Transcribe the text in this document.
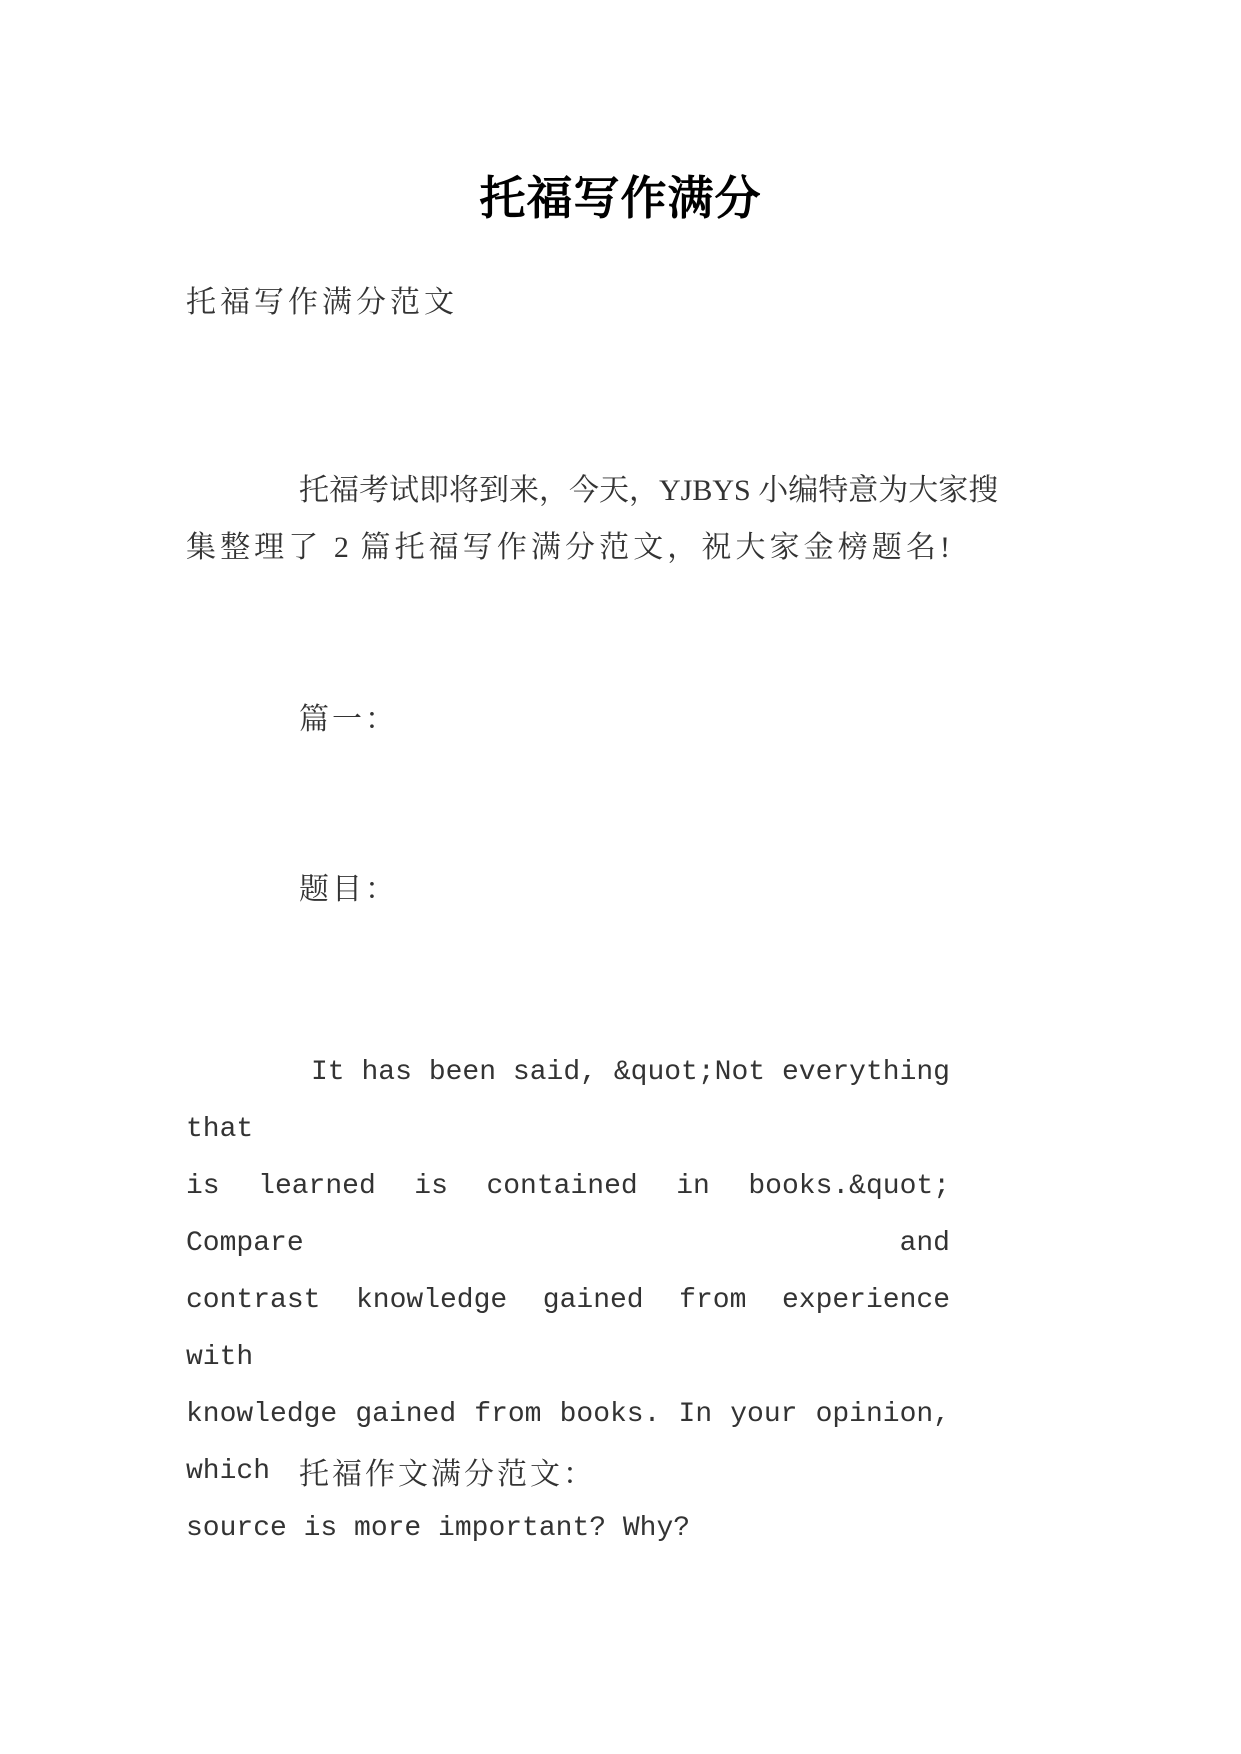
托福写作满分
托福写作满分范文
托福考试即将到来，今天，YJBYS 小编特意为大家搜
集整理了 2 篇托福写作满分范文，祝大家金榜题名!
篇一：
题目：
It has been said, &quot;Not everything that
is learned is contained in books.&quot; Compare and
contrast knowledge gained from experience with
knowledge gained from books. In your opinion, which
source is more important? Why?
托福作文满分范文：
